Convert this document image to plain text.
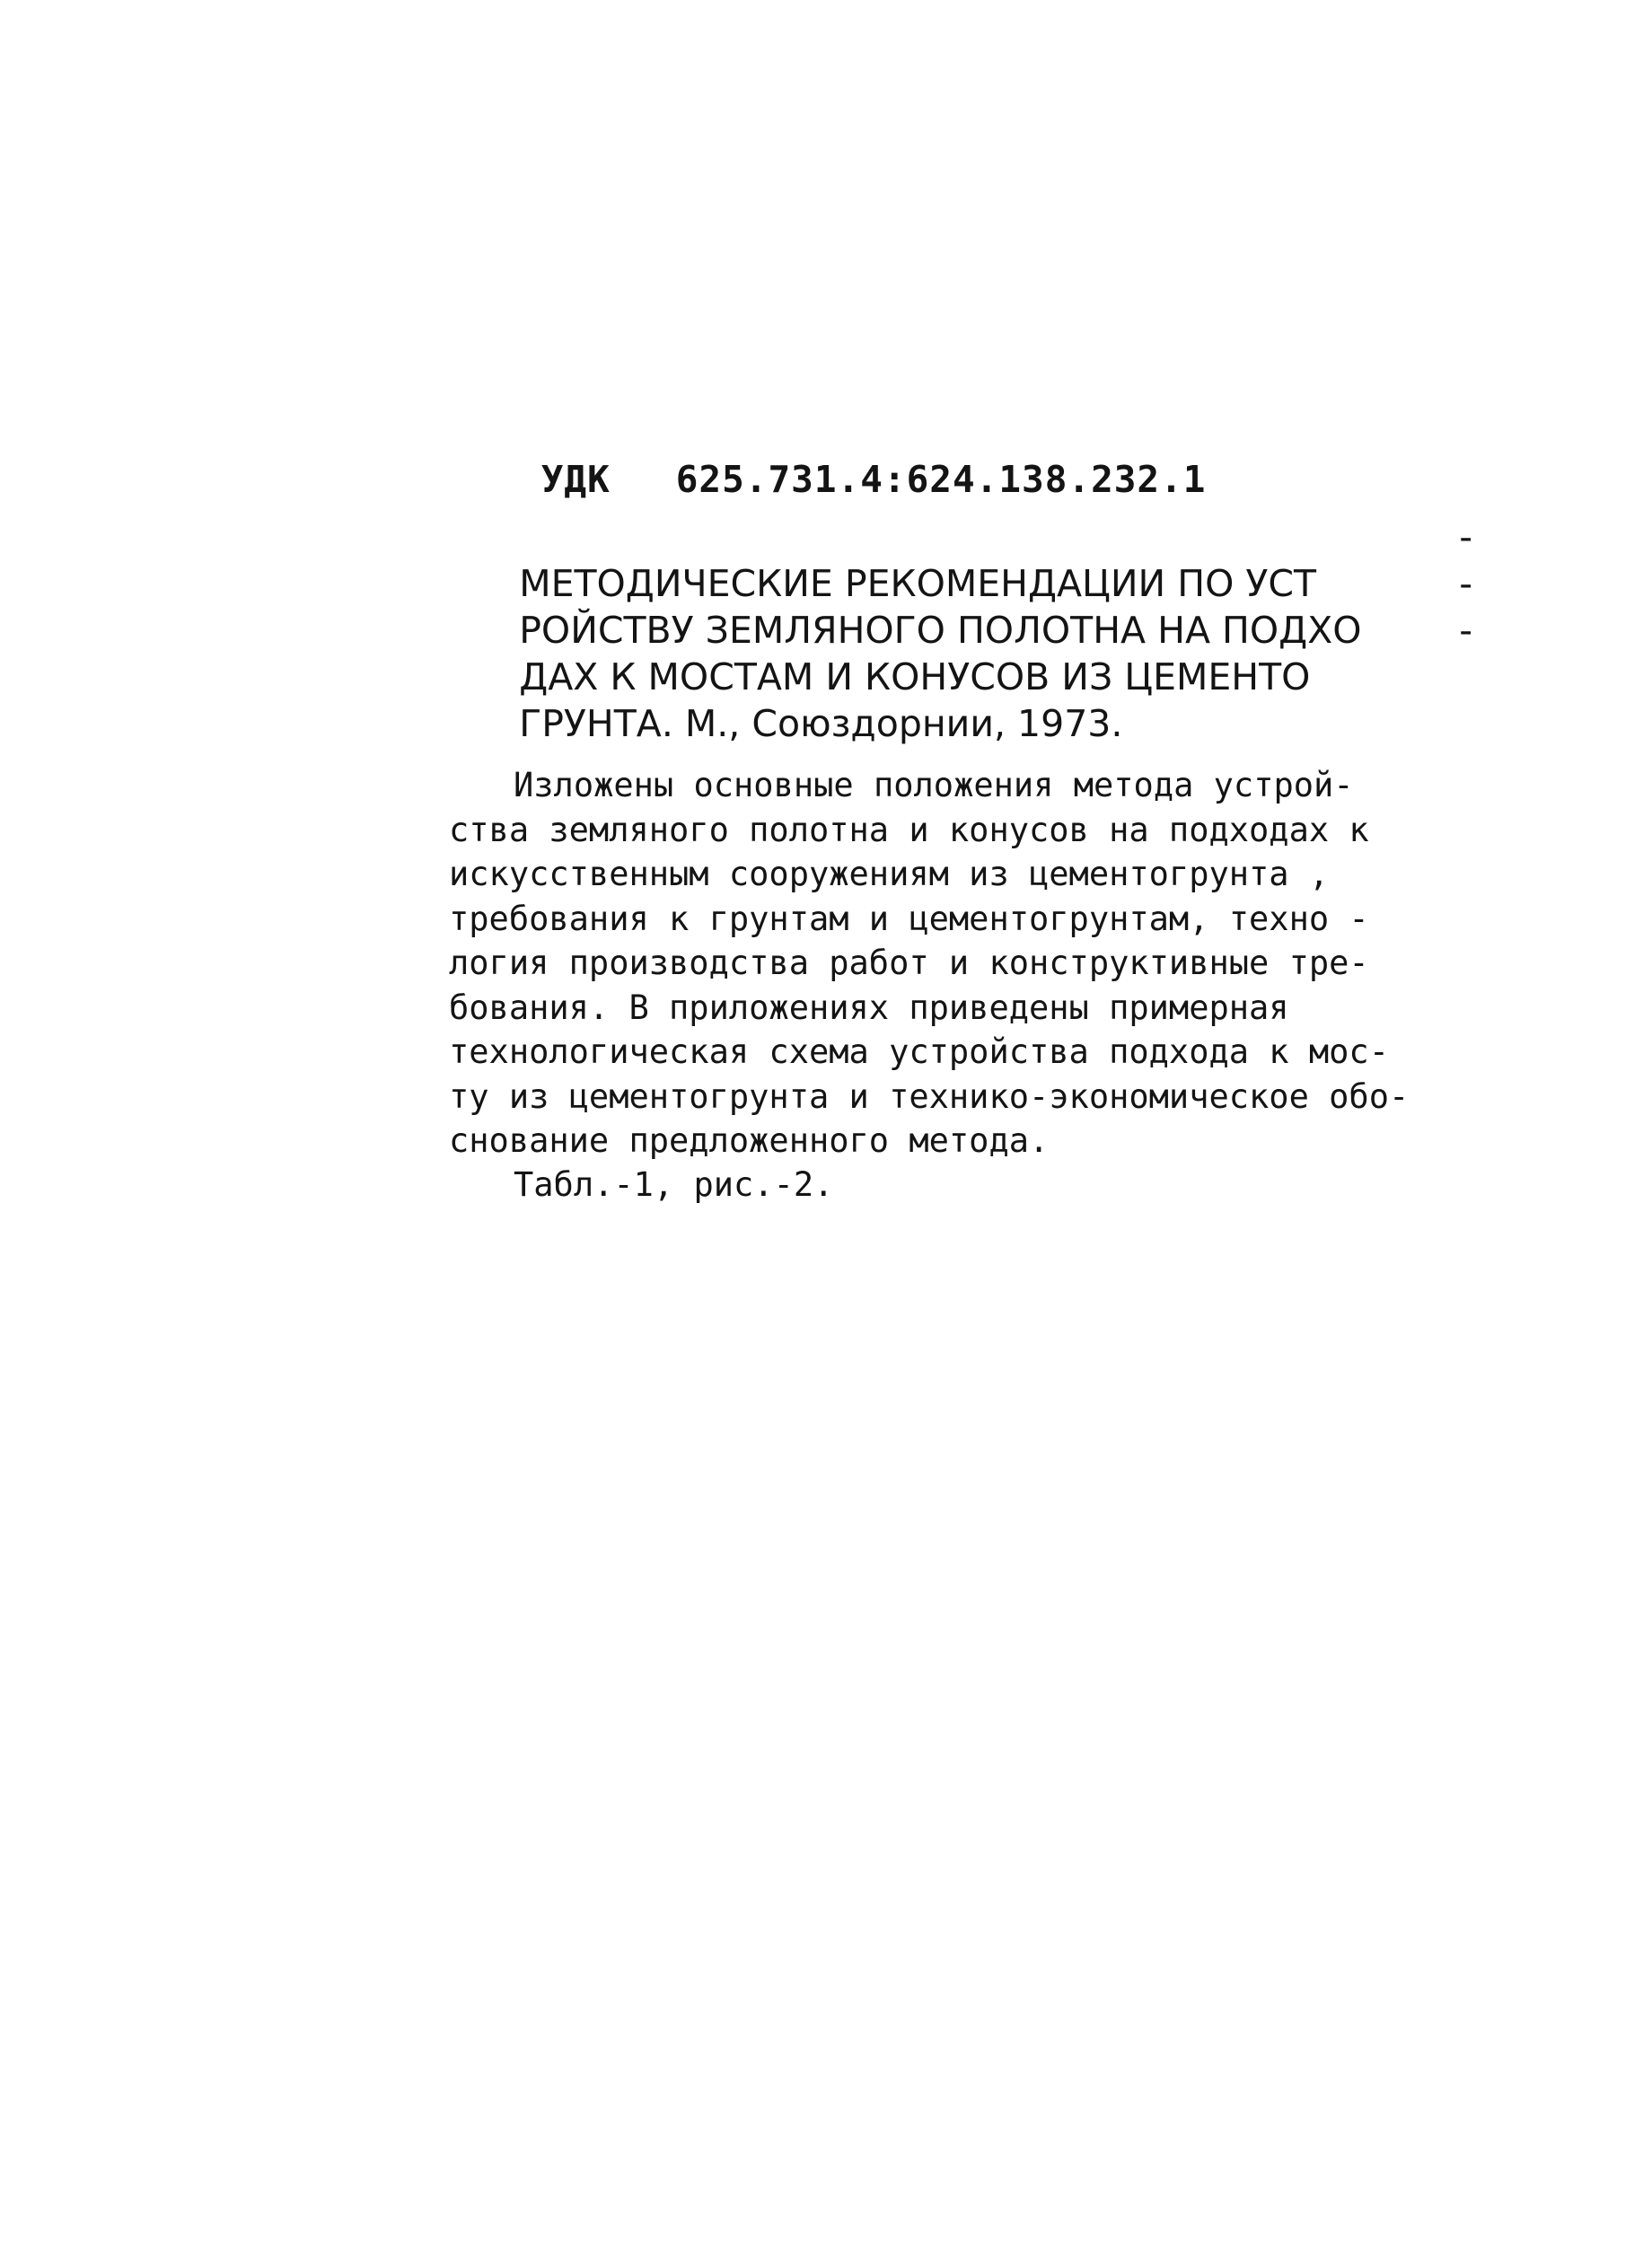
УДК 625.731.4:624.138.232.1

МЕТОДИЧЕСКИЕ РЕКОМЕНДАЦИИ ПО УСТ

-

РОЙСТВУ ЗЕМЛЯНОГО ПОЛОТНА НА ПОДХО

-

ДАХ К МОСТАМ И КОНУСОВ ИЗ ЦЕМЕНТО

-

ГРУНТА. М., Союздорнии, 1973.

Изложены основные положения метода устрой-
ства земляного полотна и конусов на подходах к
искусственным сооружениям из цементогрунта ,
требования к грунтам и цементогрунтам, техно -
логия производства работ и конструктивные тре-
бования. В приложениях приведены примерная
технологическая схема устройства подхода к мос-
ту из цементогрунта и технико-экономическое обо-
снование предложенного метода.
Табл.-1, рис.-2.
